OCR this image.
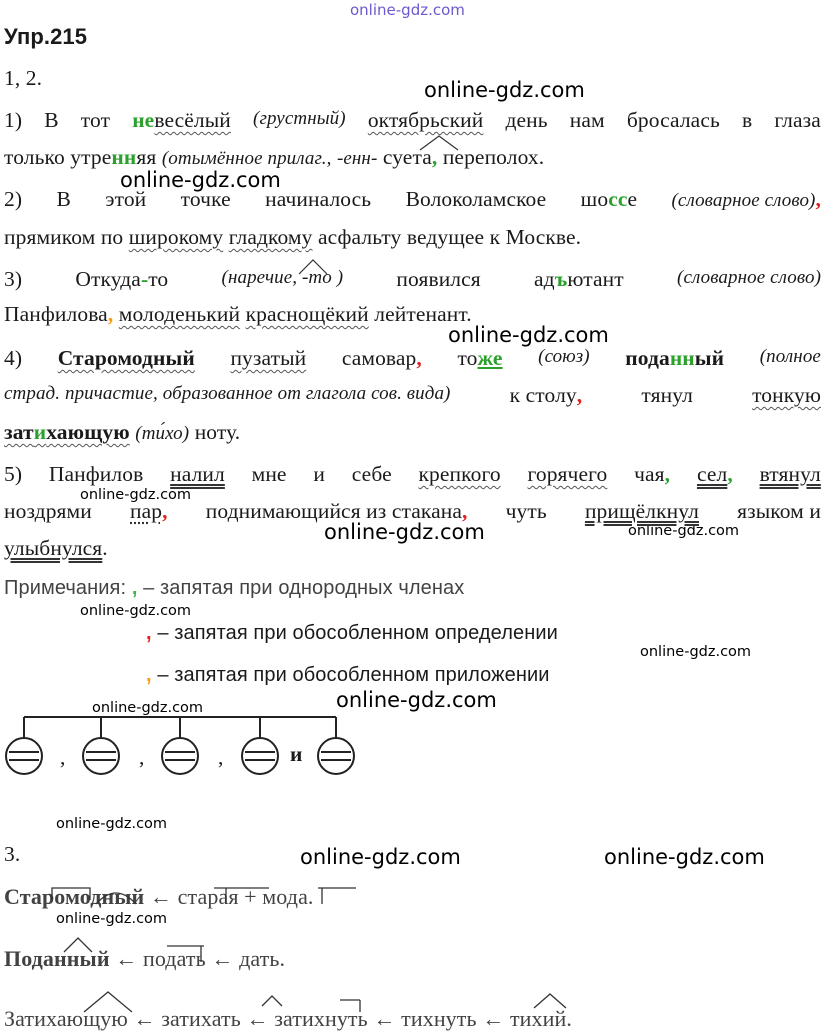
online-gdz.com
online-gdz.com
online-gdz.com
online-gdz.com
online-gdz.com
online-gdz.com	online-gdz.com
online-gdz.com
online-gdz.com
online-gdz.com
online-gdz.com
online-gdz.com
online-gdz.com	online-gdz.com
online-gdz.com
Упр.215
1, 2.
1) В тот невесёлый (грустный) октябрьский день нам бросалась в глаза
только утренняя (отымённое прилаг., -енн- суета, переполох.
2) В этой точке начиналось Волоколамское шоссе (словарное слово),
прямиком по широкому гладкому асфальту ведущее к Москве.
3) Откуда-то	(наречие, -то ) появился адъютант	(словарное слово)
Панфилова, молоденький краснощёкий лейтенант.
4) Старомодный пузатый самовар, тоже (союз) поданный (полное
страд. причастие, образованное от глагола сов. вида)	к столу,	тянул	тонкую
затихающую (ти́хо) ноту.
5) Панфилов налил мне и себе крепкого горячего чая, сел, втянул
ноздрями пар, поднимающийся из стакана, чуть прищёлкнул языком и
улыбнулся.
Примечания: , – запятая при однородных членах
, – запятая при обособленном определении
, – запятая при обособленном приложении
,	,	,	и
3.
Старомодный ← старая + мода.
Поданный ← подать ← дать.
Затихающую ← затихать ← затихнуть ← тихнуть ← тихий.
